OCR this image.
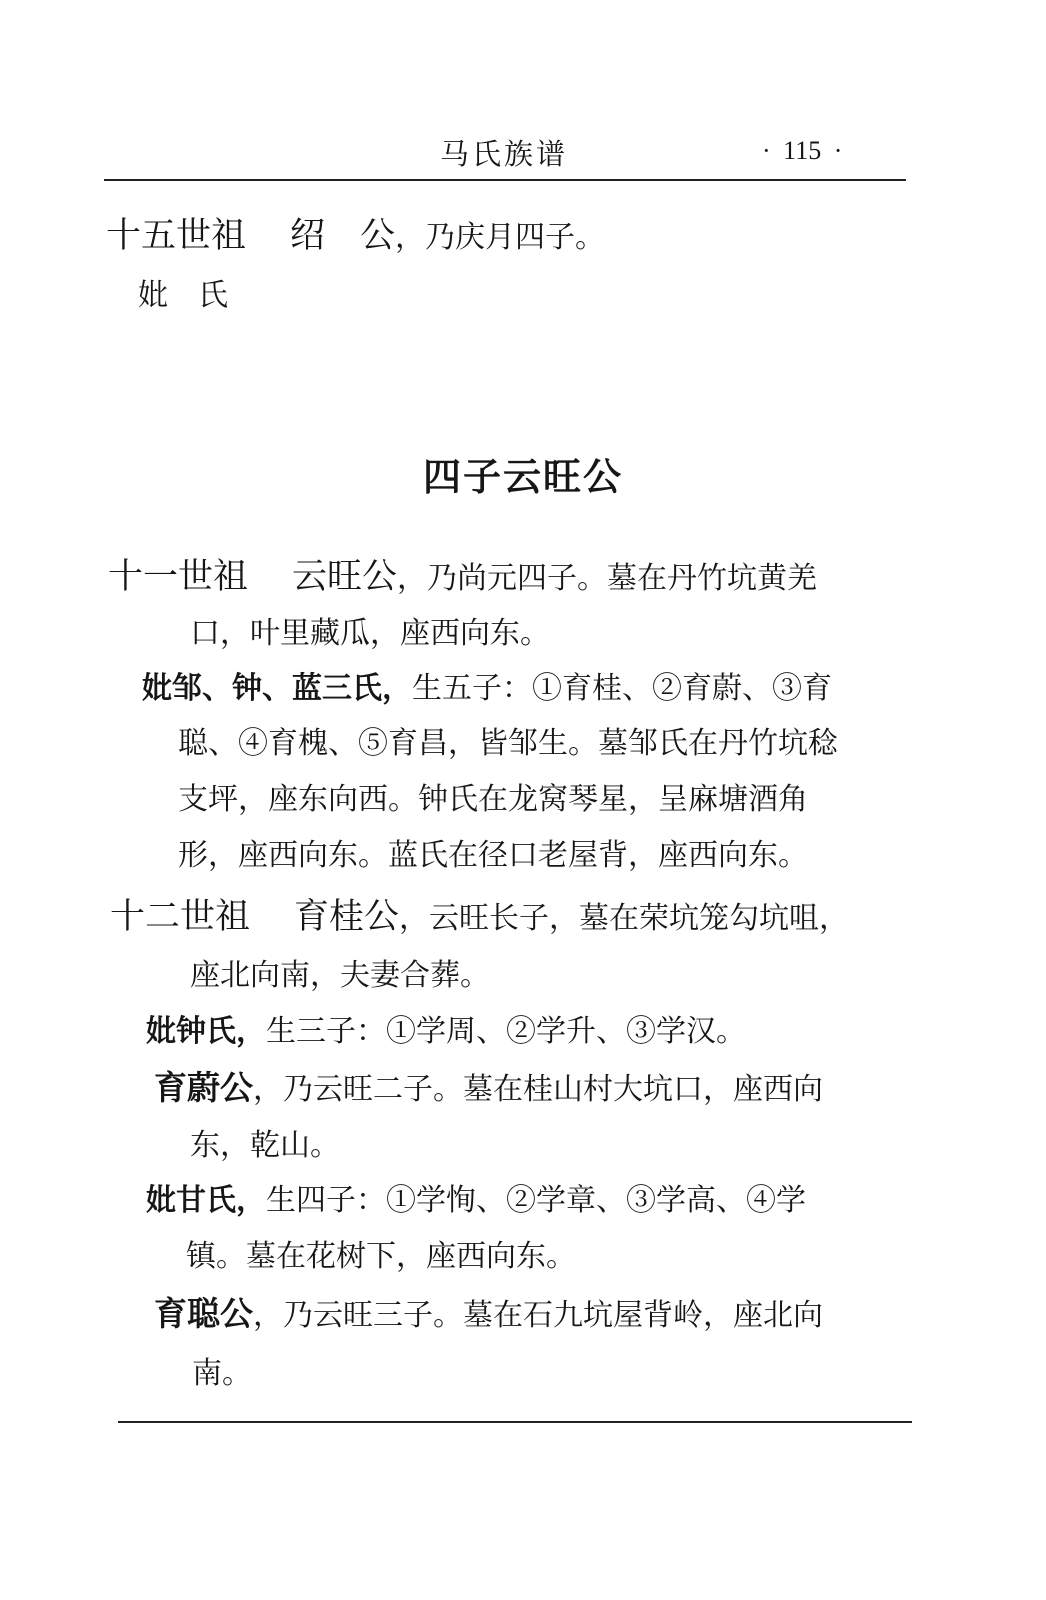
马氏族谱	· 115 ·
十五世祖 绍　公，乃庆月四子。
妣　氏
四子云旺公
十一世祖 云旺公，乃尚元四子。墓在丹竹坑黄羌
口，叶里藏瓜，座西向东。
妣邹、钟、蓝三氏，生五子：①育桂、②育蔚、③育
聪、④育槐、⑤育昌，皆邹生。墓邹氏在丹竹坑稔
支坪，座东向西。钟氏在龙窝琴星，呈麻塘酒角
形，座西向东。蓝氏在径口老屋背，座西向东。
十二世祖 育桂公，云旺长子，墓在荣坑笼勾坑咀，
座北向南，夫妻合葬。
妣钟氏，生三子：①学周、②学升、③学汉。
育蔚公，乃云旺二子。墓在桂山村大坑口，座西向
东，乾山。
妣甘氏，生四子：①学恂、②学章、③学高、④学
镇。墓在花树下，座西向东。
育聪公，乃云旺三子。墓在石九坑屋背岭，座北向
南。
